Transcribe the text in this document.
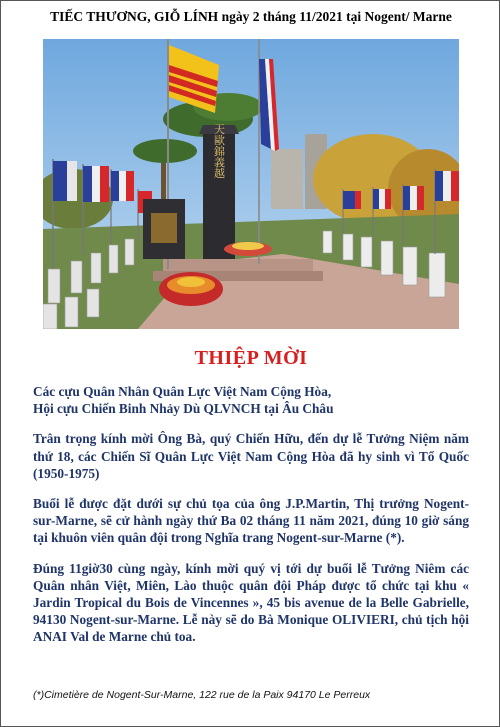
TIẾC THƯƠNG, GIỖ LÍNH ngày 2 tháng 11/2021 tại Nogent/ Marne
天歐錦義越
THIỆP MỜI

Các cựu Quân Nhân Quân Lực Việt Nam Cộng Hòa,
Hội cựu Chiến Binh Nhảy Dù QLVNCH tại Âu Châu

Trân trọng kính mời Ông Bà, quý Chiến Hữu, đến dự lễ Tưởng Niệm năm thứ 18, các Chiến Sĩ Quân Lực Việt Nam Cộng Hòa đã hy sinh vì Tổ Quốc (1950-1975)

Buổi lễ được đặt dưới sự chủ tọa của ông J.P.Martin, Thị trưởng Nogent-sur-Marne, sẽ cử hành ngày thứ Ba 02 tháng 11 năm 2021, đúng 10 giờ sáng tại khuôn viên quân đội trong Nghĩa trang Nogent-sur-Marne (*).

Đúng 11giờ30 cùng ngày, kính mời quý vị tới dự buổi lễ Tưởng Niêm các Quân nhân Việt, Miên, Lào thuộc quân đội Pháp được tổ chức tại khu « Jardin Tropical du Bois de Vincennes », 45 bis avenue de la Belle Gabrielle, 94130 Nogent-sur-Marne. Lễ này sẽ do Bà Monique OLIVIERI, chủ tịch hội ANAI Val de Marne chủ toa.

(*)Cimetière de Nogent-Sur-Marne, 122 rue de la Paix 94170 Le Perreux
